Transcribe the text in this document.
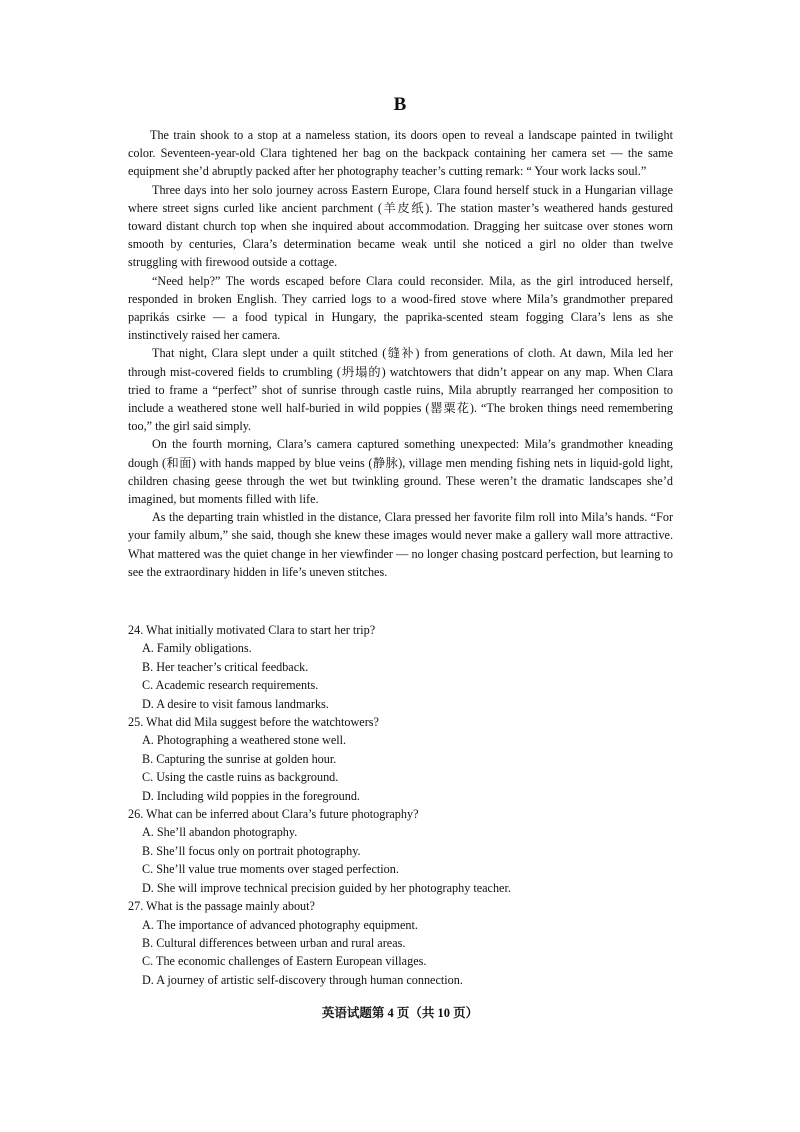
B

The train shook to a stop at a nameless station, its doors open to reveal a landscape painted in twilight color. Seventeen-year-old Clara tightened her bag on the backpack containing her camera set — the same equipment she’d abruptly packed after her photography teacher’s cutting remark: “ Your work lacks soul.”

Three days into her solo journey across Eastern Europe, Clara found herself stuck in a Hungarian village where street signs curled like ancient parchment (羊皮纸). The station master’s weathered hands gestured toward distant church top when she inquired about accommodation. Dragging her suitcase over stones worn smooth by centuries, Clara’s determination became weak until she noticed a girl no older than twelve struggling with firewood outside a cottage.

“Need help?” The words escaped before Clara could reconsider. Mila, as the girl introduced herself, responded in broken English. They carried logs to a wood-fired stove where Mila’s grandmother prepared paprikás csirke — a food typical in Hungary, the paprika-scented steam fogging Clara’s lens as she instinctively raised her camera.

That night, Clara slept under a quilt stitched (缝补) from generations of cloth. At dawn, Mila led her through mist-covered fields to crumbling (坍塌的) watchtowers that didn’t appear on any map. When Clara tried to frame a “perfect” shot of sunrise through castle ruins, Mila abruptly rearranged her composition to include a weathered stone well half-buried in wild poppies (罂粟花). “The broken things need remembering too,” the girl said simply.

On the fourth morning, Clara’s camera captured something unexpected: Mila’s grandmother kneading dough (和面) with hands mapped by blue veins (静脉), village men mending fishing nets in liquid-gold light, children chasing geese through the wet but twinkling ground. These weren’t the dramatic landscapes she’d imagined, but moments filled with life.

As the departing train whistled in the distance, Clara pressed her favorite film roll into Mila’s hands. “For your family album,” she said, though she knew these images would never make a gallery wall more attractive. What mattered was the quiet change in her viewfinder — no longer chasing postcard perfection, but learning to see the extraordinary hidden in life’s uneven stitches.

24. What initially motivated Clara to start her trip?

A. Family obligations.
B. Her teacher’s critical feedback.
C. Academic research requirements.
D. A desire to visit famous landmarks.

25. What did Mila suggest before the watchtowers?

A. Photographing a weathered stone well.
B. Capturing the sunrise at golden hour.
C. Using the castle ruins as background.
D. Including wild poppies in the foreground.

26. What can be inferred about Clara’s future photography?

A. She’ll abandon photography.
B. She’ll focus only on portrait photography.
C. She’ll value true moments over staged perfection.
D. She will improve technical precision guided by her photography teacher.

27. What is the passage mainly about?

A. The importance of advanced photography equipment.
B. Cultural differences between urban and rural areas.
C. The economic challenges of Eastern European villages.
D. A journey of artistic self-discovery through human connection.
英语试题第 4 页（共 10 页）
